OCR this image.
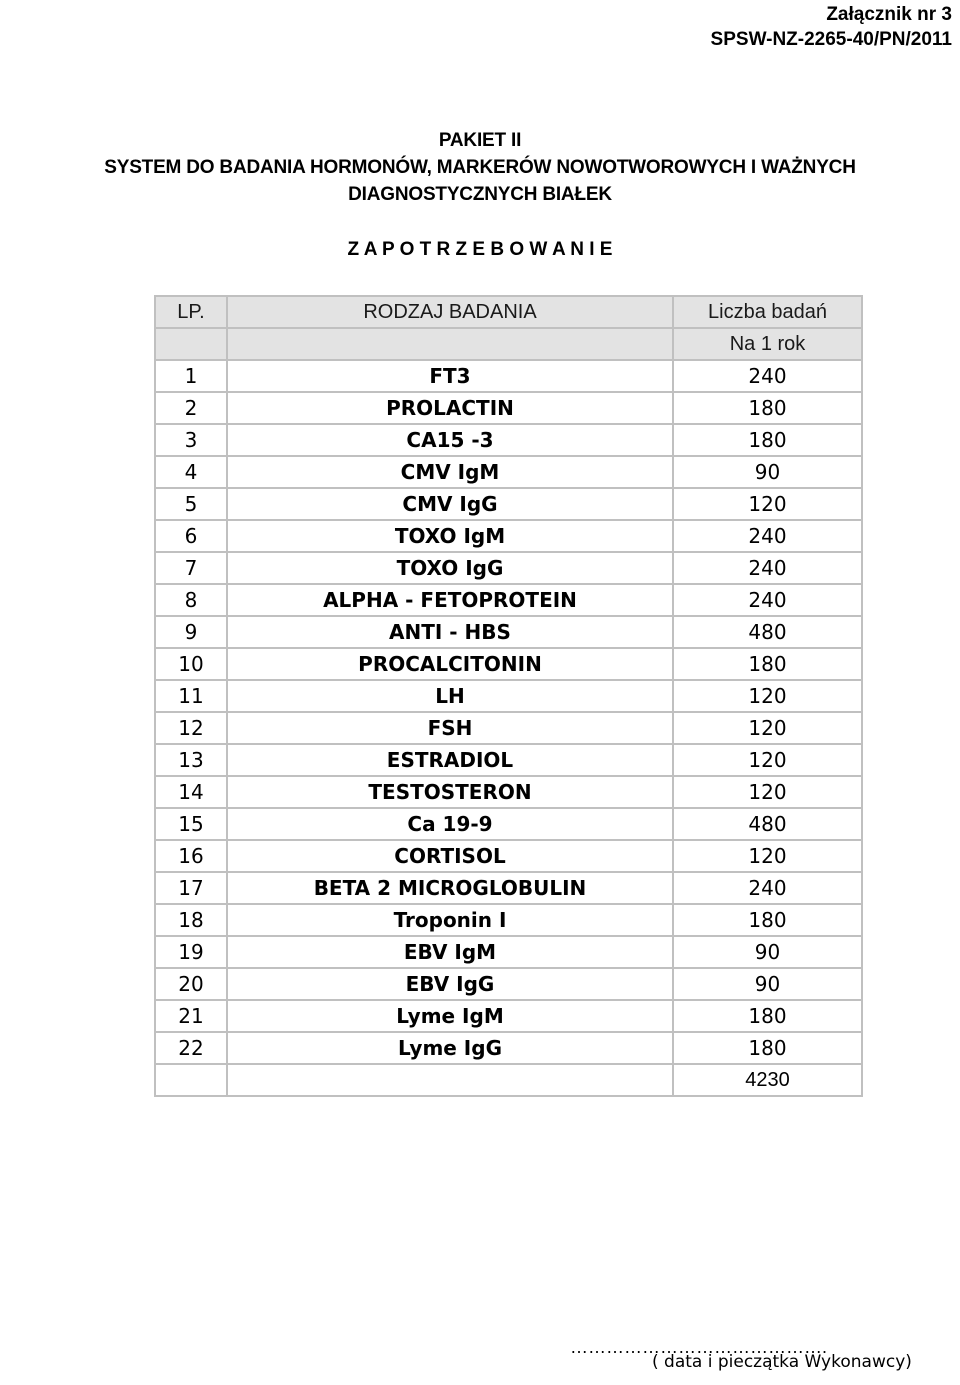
Załącznik nr 3
SPSW-NZ-2265-40/PN/2011
PAKIET II
SYSTEM DO BADANIA HORMONÓW, MARKERÓW NOWOTWOROWYCH I WAŻNYCH
DIAGNOSTYCZNYCH BIAŁEK
Z A P O T R Z E B O W A N I E
LP.	RODZAJ BADANIA	Liczba badań
		Na 1 rok
1	FT3	240
2	PROLACTIN	180
3	CA15 -3	180
4	CMV IgM	90
5	CMV IgG	120
6	TOXO IgM	240
7	TOXO IgG	240
8	ALPHA - FETOPROTEIN	240
9	ANTI - HBS	480
10	PROCALCITONIN	180
11	LH	120
12	FSH	120
13	ESTRADIOL	120
14	TESTOSTERON	120
15	Ca 19-9	480
16	CORTISOL	120
17	BETA 2 MICROGLOBULIN	240
18	Troponin I	180
19	EBV IgM	90
20	EBV IgG	90
21	Lyme IgM	180
22	Lyme IgG	180
		4230
…………………………………….
( data i pieczątka Wykonawcy)
